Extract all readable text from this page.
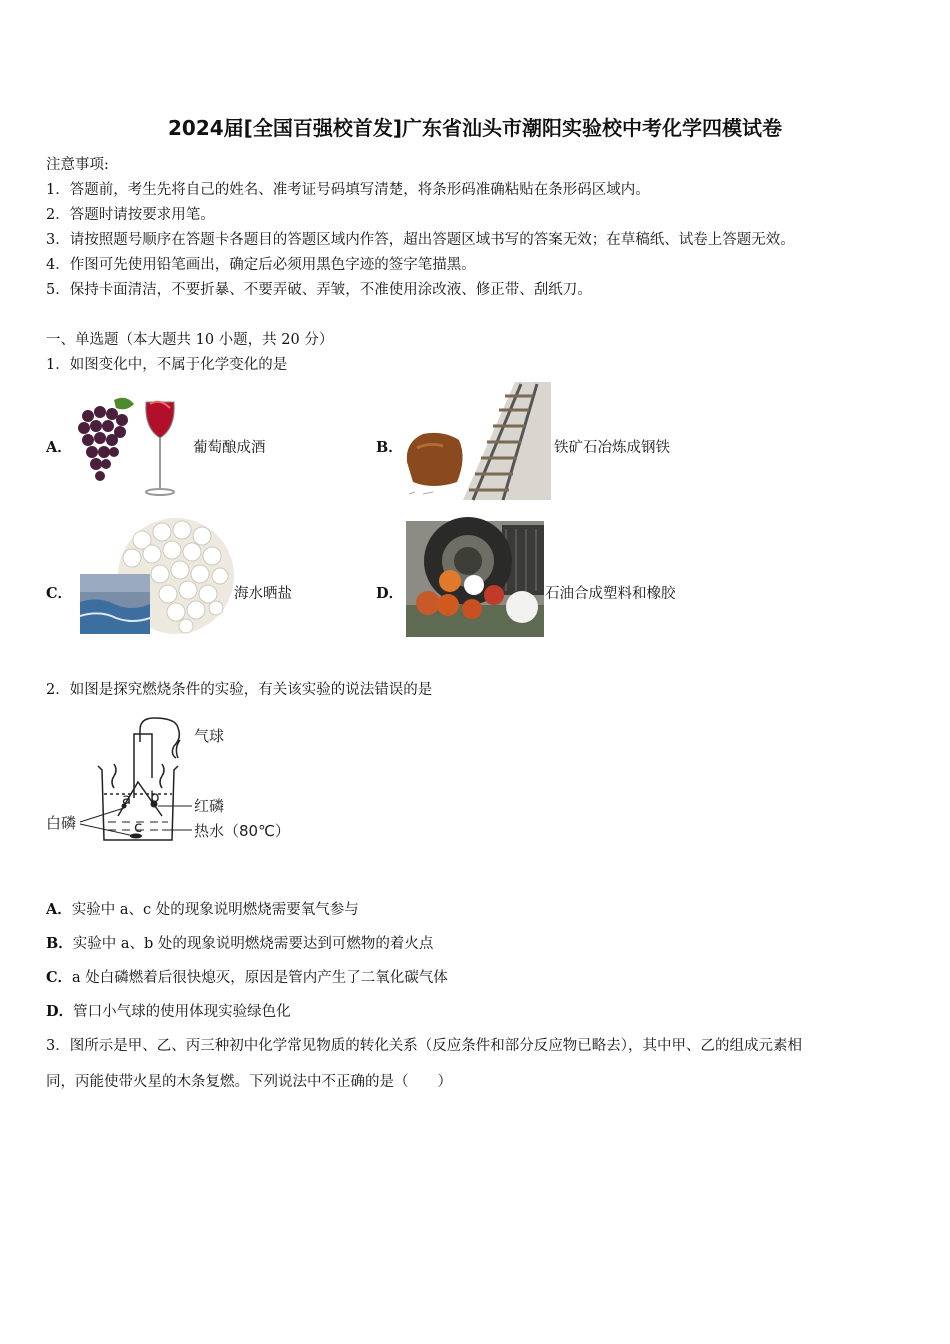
2024届[全国百强校首发]广东省汕头市潮阳实验校中考化学四模试卷
注意事项:
1．答题前，考生先将自己的姓名、准考证号码填写清楚，将条形码准确粘贴在条形码区域内。
2．答题时请按要求用笔。
3．请按照题号顺序在答题卡各题目的答题区域内作答，超出答题区域书写的答案无效；在草稿纸、试卷上答题无效。
4．作图可先使用铅笔画出，确定后必须用黑色字迹的签字笔描黑。
5．保持卡面清洁，不要折暴、不要弄破、弄皱，不准使用涂改液、修正带、刮纸刀。
一、单选题（本大题共 10 小题，共 20 分）
1．如图变化中，不属于化学变化的是
A．	葡萄酿成酒	B．	铁矿石冶炼成钢铁
C．	海水晒盐	D．	石油合成塑料和橡胶
2．如图是探究燃烧条件的实验，有关该实验的说法错误的是
a b
c
气球
红磷
热水（80℃）
白磷
A．实验中 a、c 处的现象说明燃烧需要氧气参与
B．实验中 a、b 处的现象说明燃烧需要达到可燃物的着火点
C．a 处白磷燃着后很快熄灭，原因是管内产生了二氧化碳气体
D．管口小气球的使用体现实验绿色化
3．图所示是甲、乙、丙三种初中化学常见物质的转化关系（反应条件和部分反应物已略去），其中甲、乙的组成元素相
同，丙能使带火星的木条复燃。下列说法中不正确的是（　　）
